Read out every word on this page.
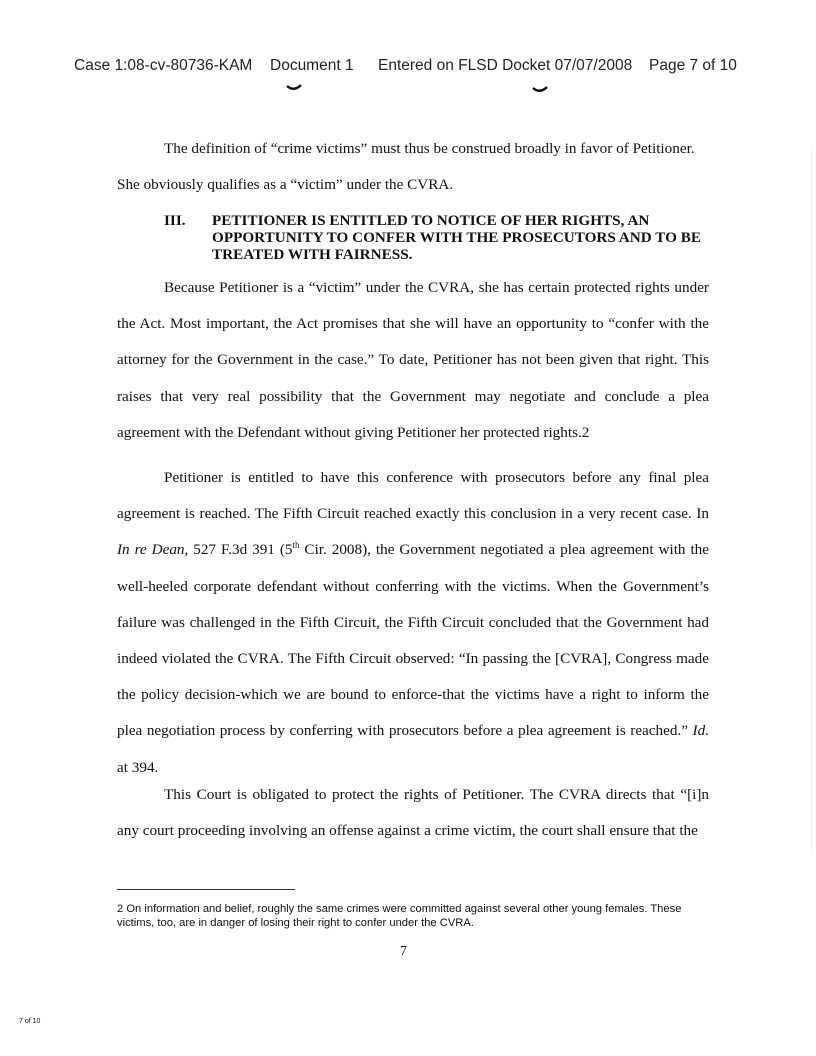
Case 1:08-cv-80736-KAM Document 1 Entered on FLSD Docket 07/07/2008 Page 7 of 10
The definition of “crime victims” must thus be construed broadly in favor of Petitioner.
She obviously qualifies as a “victim” under the CVRA.
III. PETITIONER IS ENTITLED TO NOTICE OF HER RIGHTS, AN OPPORTUNITY TO CONFER WITH THE PROSECUTORS AND TO BE TREATED WITH FAIRNESS.

Because Petitioner is a “victim” under the CVRA, she has certain protected rights under the Act. Most important, the Act promises that she will have an opportunity to “confer with the attorney for the Government in the case.” To date, Petitioner has not been given that right. This raises that very real possibility that the Government may negotiate and conclude a plea agreement with the Defendant without giving Petitioner her protected rights.2

Petitioner is entitled to have this conference with prosecutors before any final plea agreement is reached. The Fifth Circuit reached exactly this conclusion in a very recent case. In In re Dean, 527 F.3d 391 (5th Cir. 2008), the Government negotiated a plea agreement with the well-heeled corporate defendant without conferring with the victims. When the Government’s failure was challenged in the Fifth Circuit, the Fifth Circuit concluded that the Government had indeed violated the CVRA. The Fifth Circuit observed: “In passing the [CVRA], Congress made the policy decision-which we are bound to enforce-that the victims have a right to inform the plea negotiation process by conferring with prosecutors before a plea agreement is reached.” Id. at 394.

This Court is obligated to protect the rights of Petitioner. The CVRA directs that “[i]n any court proceeding involving an offense against a crime victim, the court shall ensure that the

2 On information and belief, roughly the same crimes were committed against several other young females. These victims, too, are in danger of losing their right to confer under the CVRA.
7
7 of 10
